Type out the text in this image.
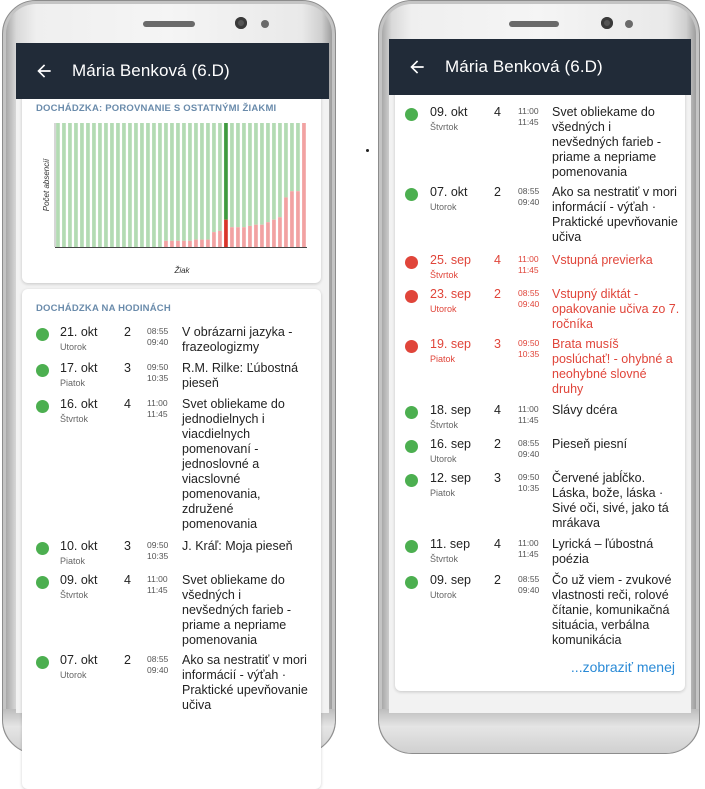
Mária Benková (6.D)
DOCHÁDZKA: POROVNANIE S OSTATNÝMI ŽIAKMI
Počet absencií
Žiak
DOCHÁDZKA NA HODINÁCH
21. okt
Utorok
2 08:55
09:40
V obrázarni jazyka - frazeologizmy
17. okt
Piatok
3 09:50
10:35
R.M. Rilke: Ľúbostná pieseň
16. okt
Štvrtok
4 11:00
11:45
Svet obliekame do jednodielnych i viacdielnych pomenovaní - jednoslovné a viacslovné pomenovania, združené pomenovania
10. okt
Piatok
3 09:50
10:35
J. Kráľ: Moja pieseň
09. okt
Štvrtok
4 11:00
11:45
Svet obliekame do všedných i nevšedných farieb - priame a nepriame pomenovania
07. okt
Utorok
2 08:55
09:40
Ako sa nestratiť v mori informácií - výťah · Praktické upevňovanie učiva
Mária Benková (6.D)
09. okt
Štvrtok
4 11:00
11:45
Svet obliekame do všedných i nevšedných farieb - priame a nepriame pomenovania
07. okt
Utorok
2 08:55
09:40
Ako sa nestratiť v mori informácií - výťah · Praktické upevňovanie učiva
25. sep
Štvrtok
4 11:00
11:45
Vstupná previerka
23. sep
Utorok
2 08:55
09:40
Vstupný diktát - opakovanie učiva zo 7. ročníka
19. sep
Piatok
3 09:50
10:35
Brata musíš poslúchať! - ohybné a neohybné slovné druhy
18. sep
Štvrtok
4 11:00
11:45
Slávy dcéra
16. sep
Utorok
2 08:55
09:40
Pieseň piesní
12. sep
Piatok
3 09:50
10:35
Červené jabĺčko. Láska, bože, láska · Sivé oči, sivé, jako tá mrákava
11. sep
Štvrtok
4 11:00
11:45
Lyrická – ľúbostná poézia
09. sep
Utorok
2 08:55
09:40
Čo už viem - zvukové vlastnosti reči, rolové čítanie, komunikačná situácia, verbálna komunikácia
...zobraziť menej
